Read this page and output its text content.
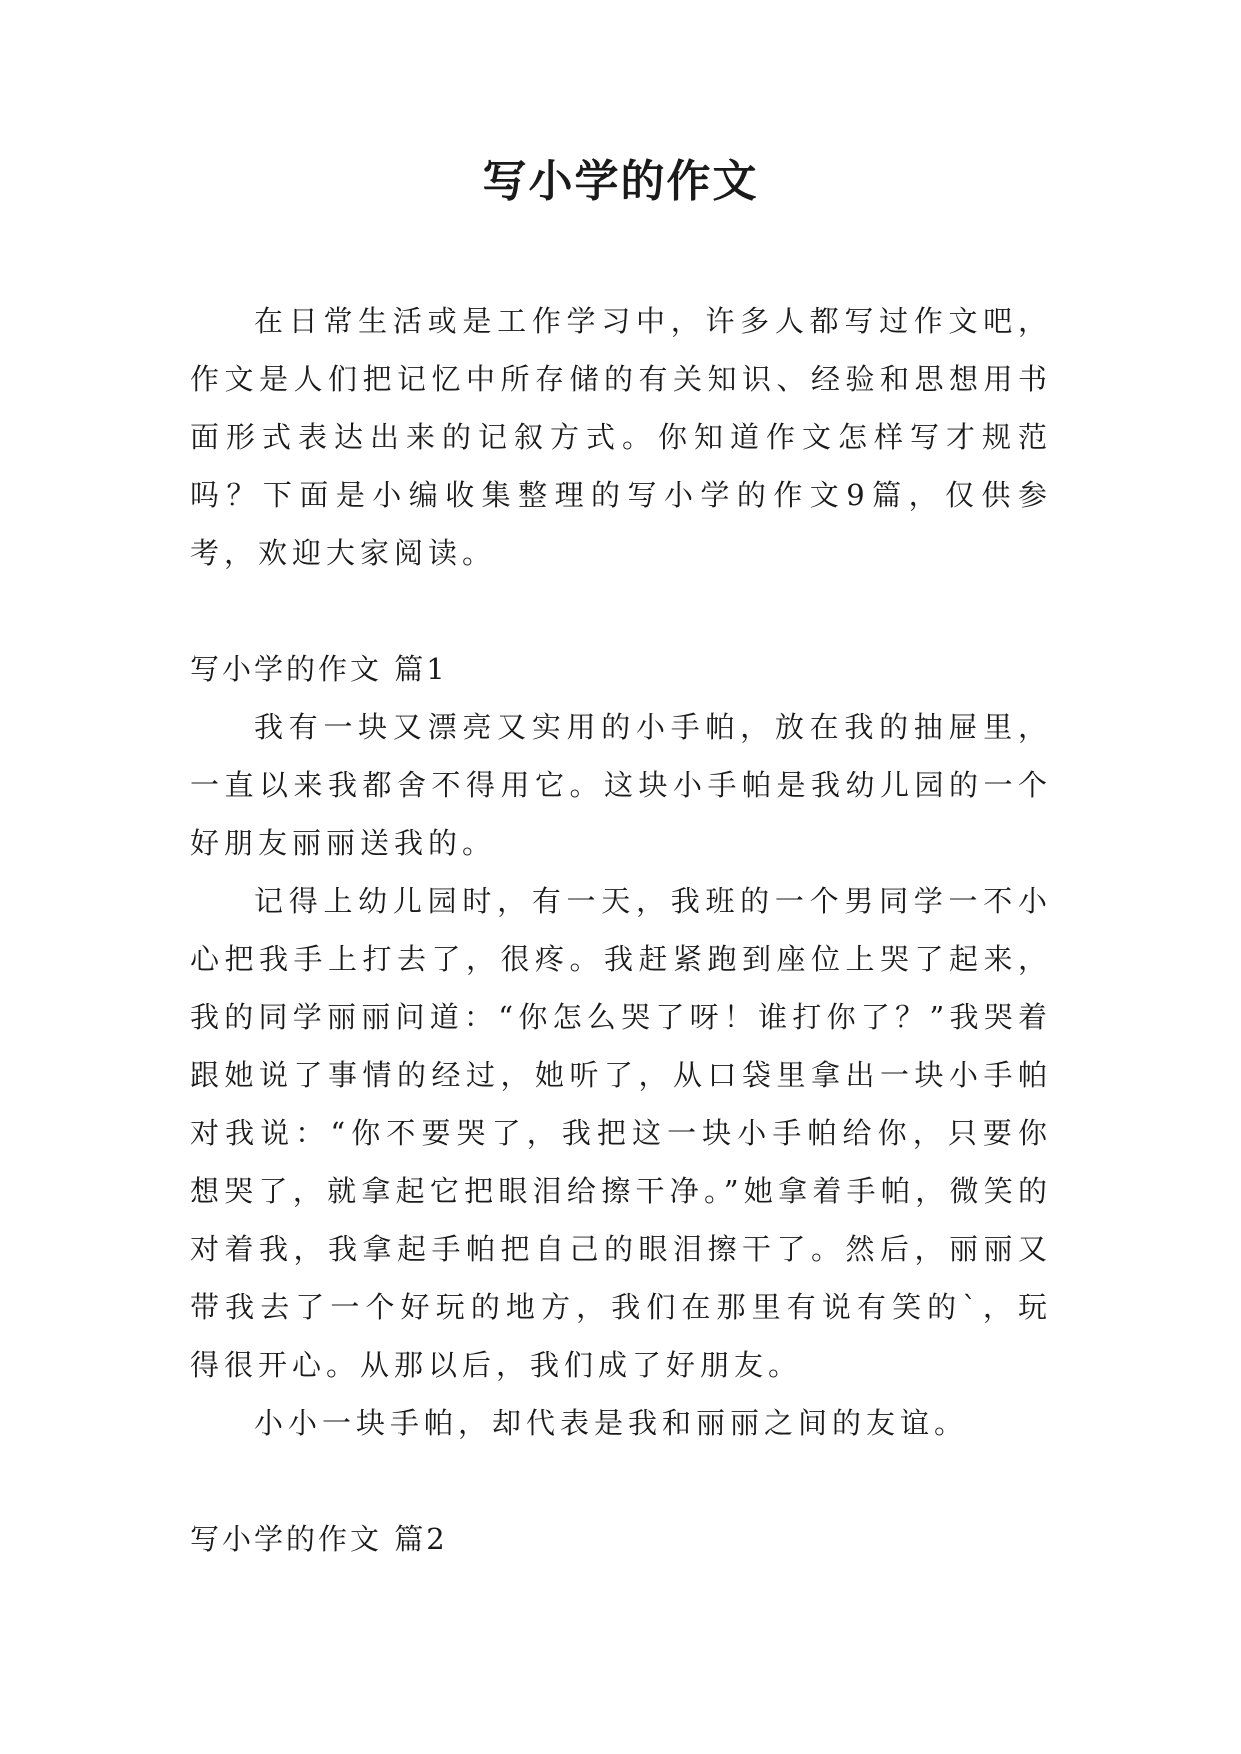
写小学的作文

在日常生活或是工作学习中，许多人都写过作文吧，作文是人们把记忆中所存储的有关知识、经验和思想用书面形式表达出来的记叙方式。你知道作文怎样写才规范吗？下面是小编收集整理的写小学的作文9篇，仅供参考，欢迎大家阅读。

写小学的作文 篇1

我有一块又漂亮又实用的小手帕，放在我的抽屉里，一直以来我都舍不得用它。这块小手帕是我幼儿园的一个好朋友丽丽送我的。

记得上幼儿园时，有一天，我班的一个男同学一不小心把我手上打去了，很疼。我赶紧跑到座位上哭了起来，我的同学丽丽问道：“你怎么哭了呀！谁打你了？”我哭着跟她说了事情的经过，她听了，从口袋里拿出一块小手帕对我说：“你不要哭了，我把这一块小手帕给你，只要你想哭了，就拿起它把眼泪给擦干净。”她拿着手帕，微笑的对着我，我拿起手帕把自己的眼泪擦干了。然后，丽丽又带我去了一个好玩的地方，我们在那里有说有笑的`，玩得很开心。从那以后，我们成了好朋友。

小小一块手帕，却代表是我和丽丽之间的友谊。

写小学的作文 篇2
